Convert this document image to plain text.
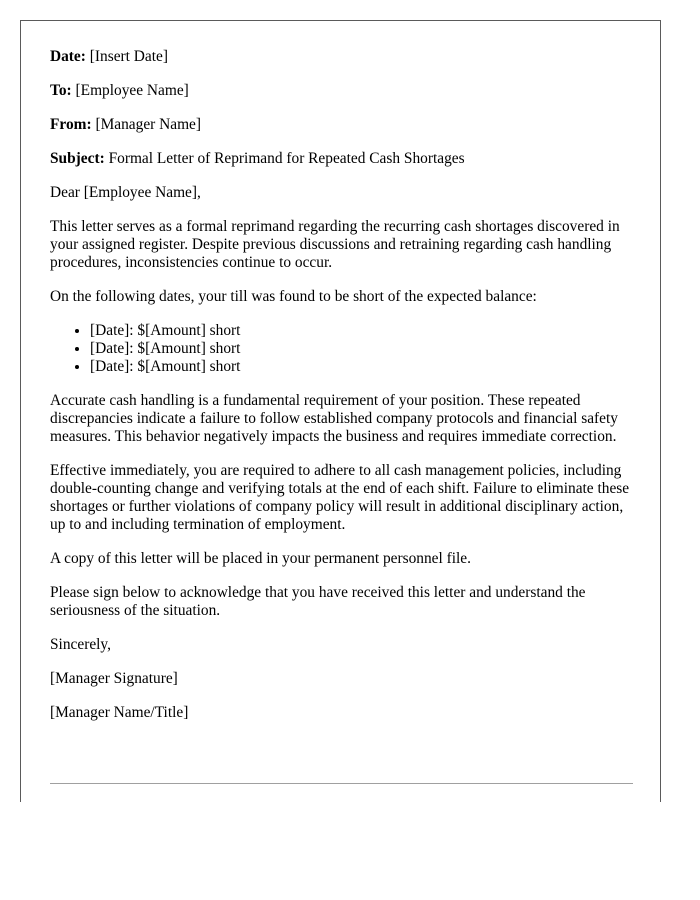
Date: [Insert Date]

To: [Employee Name]

From: [Manager Name]

Subject: Formal Letter of Reprimand for Repeated Cash Shortages

Dear [Employee Name],

This letter serves as a formal reprimand regarding the recurring cash shortages discovered in your assigned register. Despite previous discussions and retraining regarding cash handling procedures, inconsistencies continue to occur.

On the following dates, your till was found to be short of the expected balance:

• [Date]: $[Amount] short
• [Date]: $[Amount] short
• [Date]: $[Amount] short

Accurate cash handling is a fundamental requirement of your position. These repeated discrepancies indicate a failure to follow established company protocols and financial safety measures. This behavior negatively impacts the business and requires immediate correction.

Effective immediately, you are required to adhere to all cash management policies, including double-counting change and verifying totals at the end of each shift. Failure to eliminate these shortages or further violations of company policy will result in additional disciplinary action, up to and including termination of employment.

A copy of this letter will be placed in your permanent personnel file.

Please sign below to acknowledge that you have received this letter and understand the seriousness of the situation.

Sincerely,

[Manager Signature]

[Manager Name/Title]
